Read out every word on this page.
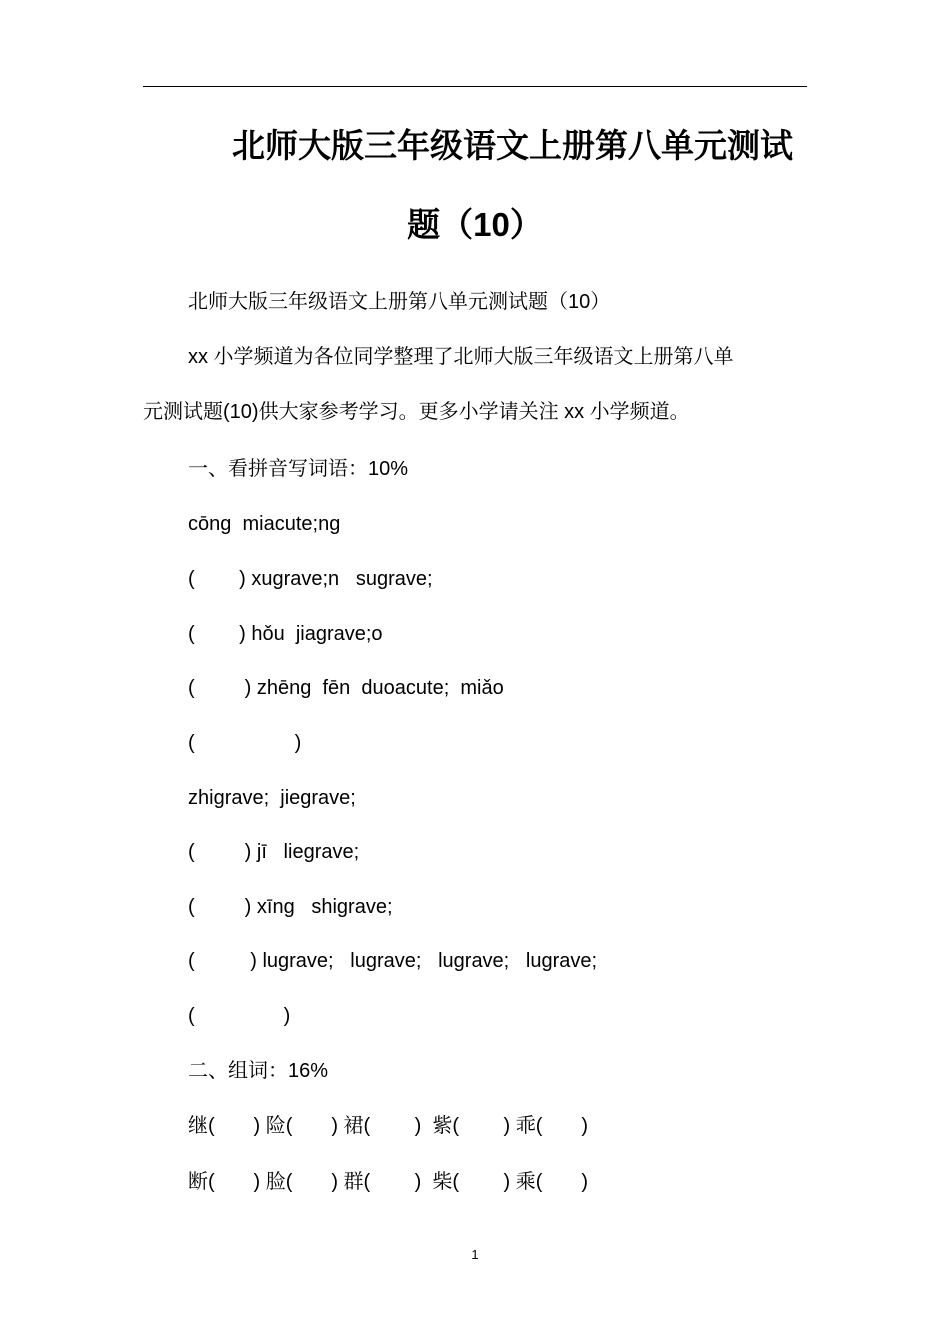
北师大版三年级语文上册第八单元测试
题（10）
北师大版三年级语文上册第八单元测试题（10）
xx 小学频道为各位同学整理了北师大版三年级语文上册第八单
元测试题(10)供大家参考学习。更多小学请关注 xx 小学频道。
一、看拼音写词语：10%
cōng  miacute;ng
(        ) xugrave;n   sugrave;
(        ) hǒu  jiagrave;o
(         ) zhēng  fēn  duoacute;  miǎo
(                  )
zhigrave;  jiegrave;
(         ) jī   liegrave;
(         ) xīng   shigrave;
(          ) lugrave;   lugrave;   lugrave;   lugrave;
(                )
二、组词：16%
继(       ) 险(       ) 裙(        )  紫(        ) 乖(       )
断(       ) 脸(       ) 群(        )  柴(        ) 乘(       )
1
